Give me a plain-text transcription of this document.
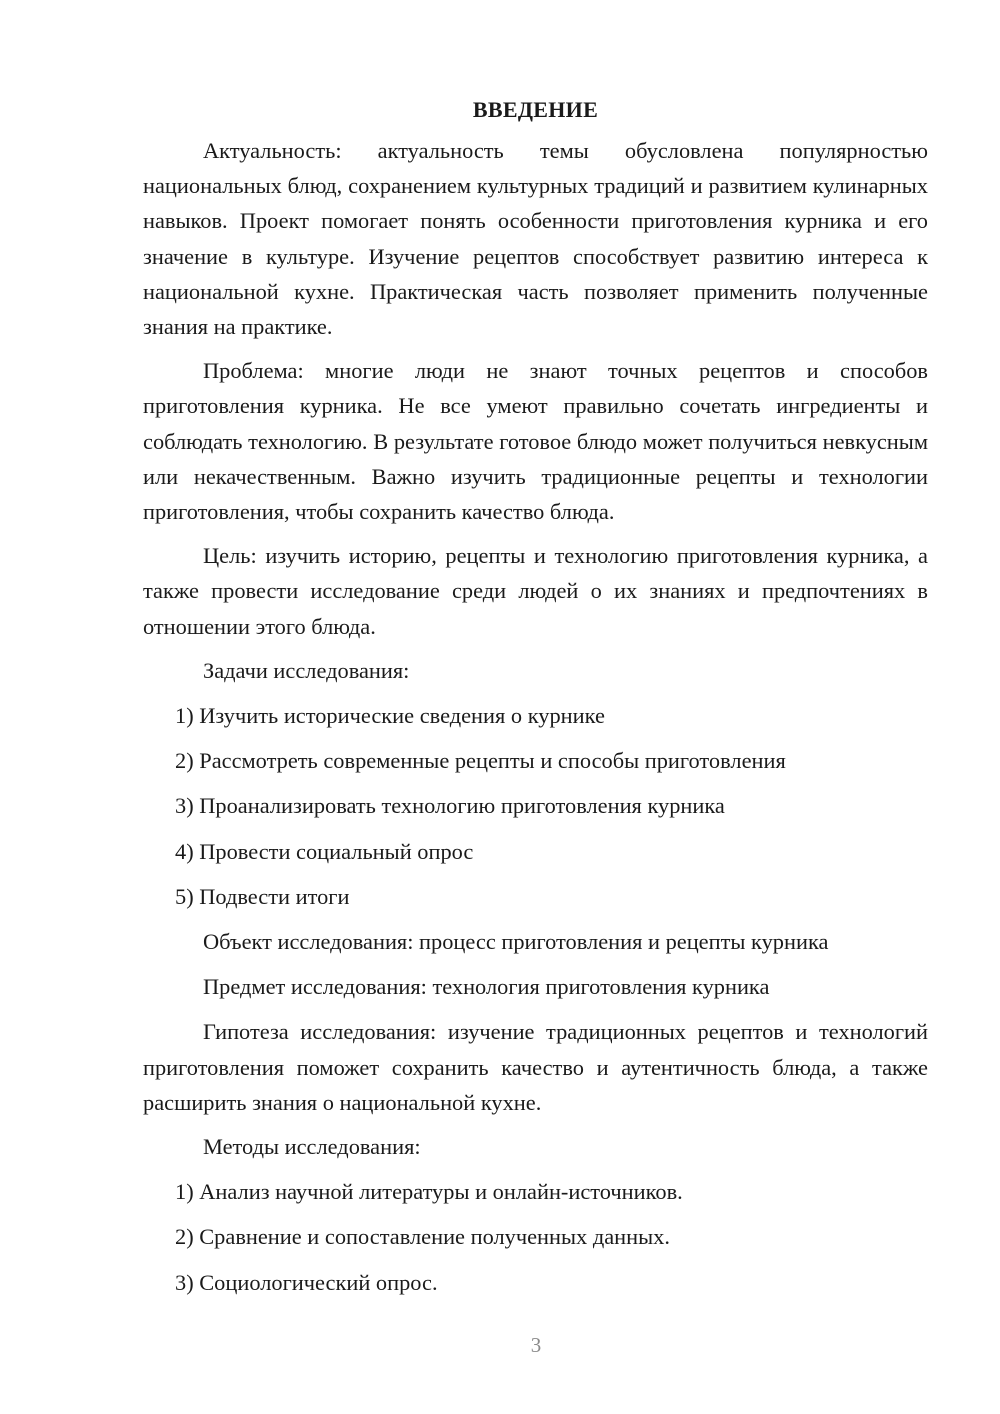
ВВЕДЕНИЕ

Актуальность: актуальность темы обусловлена популярностью национальных блюд, сохранением культурных традиций и развитием кулинарных навыков. Проект помогает понять особенности приготовления курника и его значение в культуре. Изучение рецептов способствует развитию интереса к национальной кухне. Практическая часть позволяет применить полученные знания на практике.

Проблема: многие люди не знают точных рецептов и способов приготовления курника. Не все умеют правильно сочетать ингредиенты и соблюдать технологию. В результате готовое блюдо может получиться невкусным или некачественным. Важно изучить традиционные рецепты и технологии приготовления, чтобы сохранить качество блюда.

Цель: изучить историю, рецепты и технологию приготовления курника, а также провести исследование среди людей о их знаниях и предпочтениях в отношении этого блюда.

Задачи исследования:
1) Изучить исторические сведения о курнике
2) Рассмотреть современные рецепты и способы приготовления
3) Проанализировать технологию приготовления курника
4) Провести социальный опрос
5) Подвести итоги
Объект исследования: процесс приготовления и рецепты курника
Предмет исследования: технология приготовления курника

Гипотеза исследования: изучение традиционных рецептов и технологий приготовления поможет сохранить качество и аутентичность блюда, а также расширить знания о национальной кухне.

Методы исследования:
1) Анализ научной литературы и онлайн-источников.
2) Сравнение и сопоставление полученных данных.
3) Социологический опрос.
3
